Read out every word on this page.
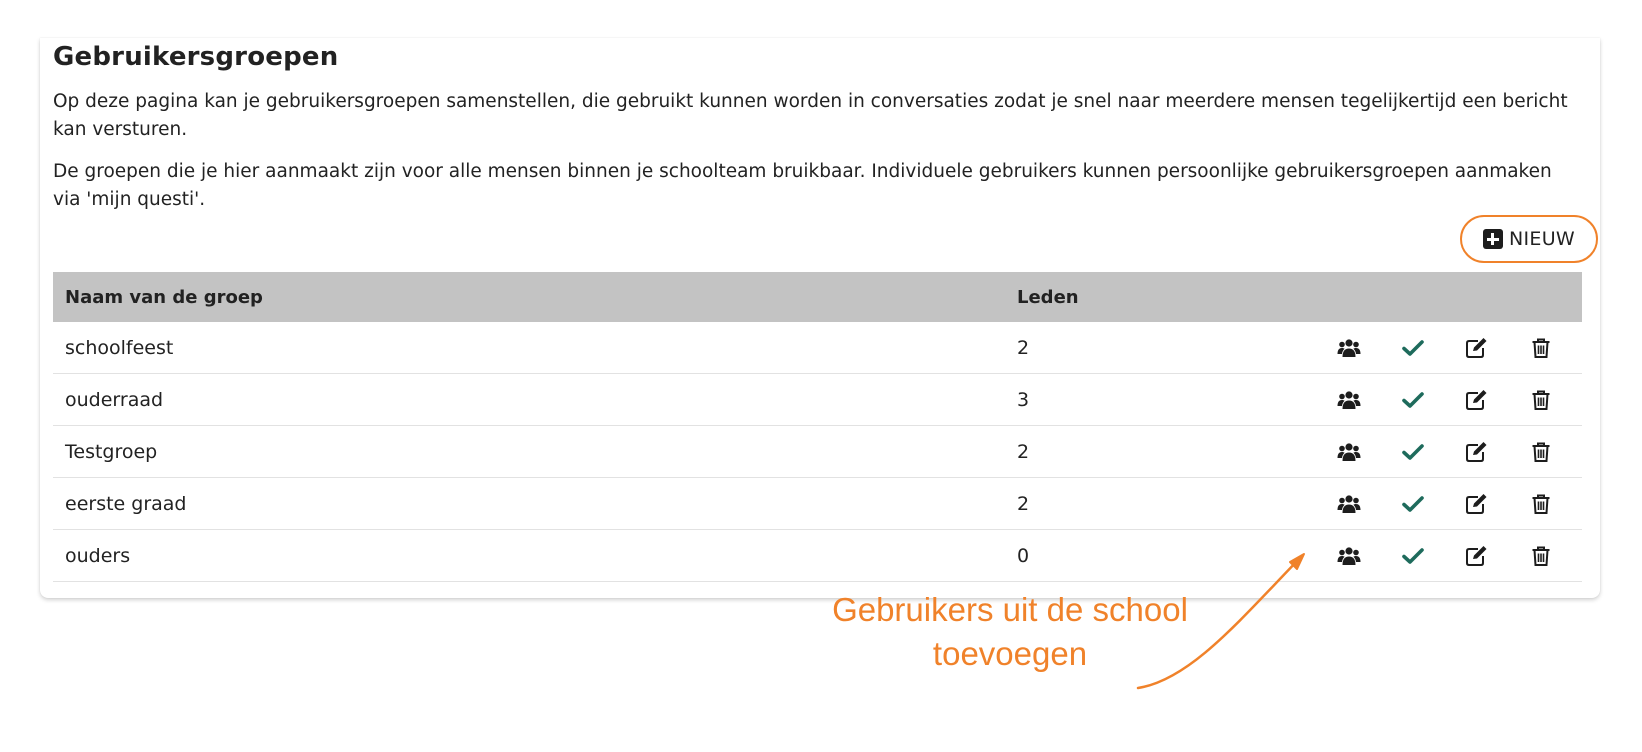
Gebruikersgroepen

Op deze pagina kan je gebruikersgroepen samenstellen, die gebruikt kunnen worden in conversaties zodat je snel naar meerdere mensen tegelijkertijd een bericht kan versturen.

De groepen die je hier aanmaakt zijn voor alle mensen binnen je schoolteam bruikbaar. Individuele gebruikers kunnen persoonlijke gebruikersgroepen aanmaken via 'mijn questi'.

NIEUW
Naam van de groep	Leden
schoolfeest	2
ouderraad	3
Testgroep	2
eerste graad	2
ouders	0
Gebruikers uit de school toevoegen
